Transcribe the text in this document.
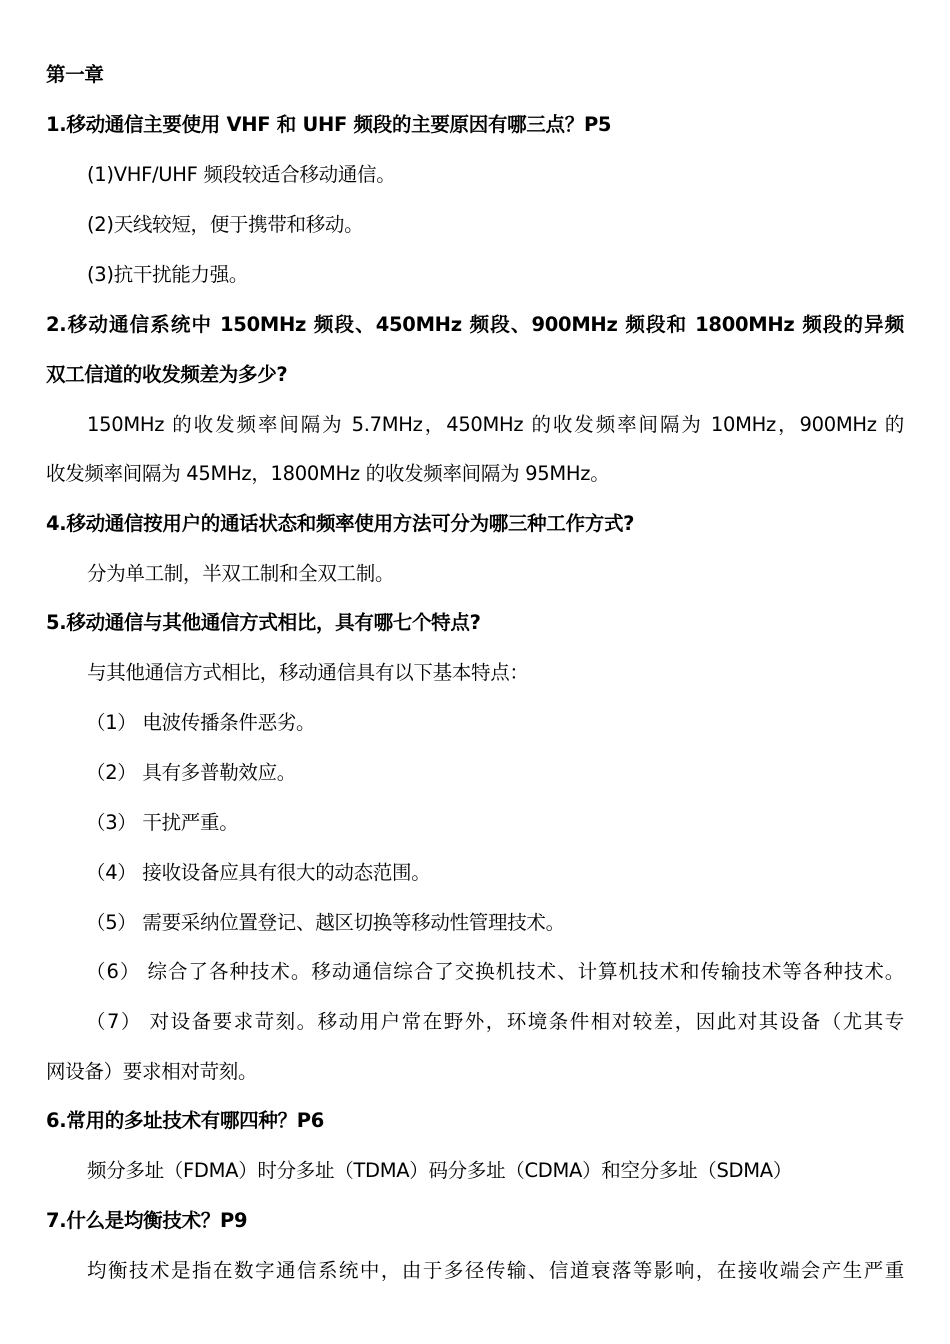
第一章
1.移动通信主要使用 VHF 和 UHF 频段的主要原因有哪三点？P5
(1)VHF/UHF 频段较适合移动通信。
(2)天线较短，便于携带和移动。
(3)抗干扰能力强。
2.移动通信系统中 150MHz 频段、450MHz 频段、900MHz 频段和 1800MHz 频段的异频
双工信道的收发频差为多少?
150MHz 的收发频率间隔为 5.7MHz，450MHz 的收发频率间隔为 10MHz，900MHz 的
收发频率间隔为 45MHz，1800MHz 的收发频率间隔为 95MHz。
4.移动通信按用户的通话状态和频率使用方法可分为哪三种工作方式?
分为单工制，半双工制和全双工制。
5.移动通信与其他通信方式相比，具有哪七个特点?
与其他通信方式相比，移动通信具有以下基本特点：
（1） 电波传播条件恶劣。
（2） 具有多普勒效应。
（3） 干扰严重。
（4） 接收设备应具有很大的动态范围。
（5） 需要采纳位置登记、越区切换等移动性管理技术。
（6） 综合了各种技术。移动通信综合了交换机技术、计算机技术和传输技术等各种技术。
（7） 对设备要求苛刻。移动用户常在野外，环境条件相对较差，因此对其设备（尤其专
网设备）要求相对苛刻。
6.常用的多址技术有哪四种？P6
频分多址（FDMA）时分多址（TDMA）码分多址（CDMA）和空分多址（SDMA）
7.什么是均衡技术？P9
均衡技术是指在数字通信系统中，由于多径传输、信道衰落等影响，在接收端会产生严重
